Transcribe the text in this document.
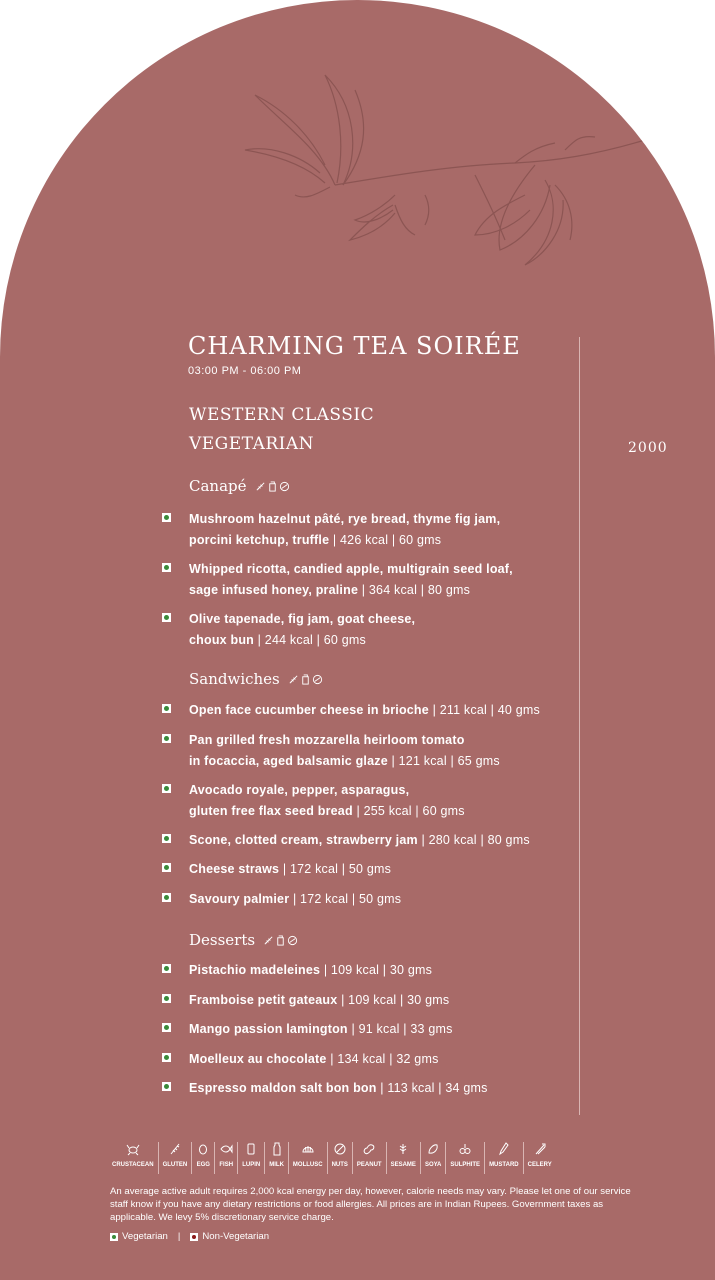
CHARMING TEA SOIRÉE
03:00 PM - 06:00 PM
WESTERN CLASSIC
VEGETARIAN	2000
Canapé
Mushroom hazelnut pâté, rye bread, thyme fig jam,
porcini ketchup, truffle | 426 kcal | 60 gms
Whipped ricotta, candied apple, multigrain seed loaf,
sage infused honey, praline | 364 kcal | 80 gms
Olive tapenade, fig jam, goat cheese,
choux bun | 244 kcal | 60 gms
Sandwiches
Open face cucumber cheese in brioche | 211 kcal | 40 gms
Pan grilled fresh mozzarella heirloom tomato
in focaccia, aged balsamic glaze | 121 kcal | 65 gms
Avocado royale, pepper, asparagus,
gluten free flax seed bread | 255 kcal | 60 gms
Scone, clotted cream, strawberry jam | 280 kcal | 80 gms
Cheese straws | 172 kcal | 50 gms
Savoury palmier | 172 kcal | 50 gms
Desserts
Pistachio madeleines | 109 kcal | 30 gms
Framboise petit gateaux | 109 kcal | 30 gms
Mango passion lamington | 91 kcal | 33 gms
Moelleux au chocolate | 134 kcal | 32 gms
Espresso maldon salt bon bon | 113 kcal | 34 gms
CRUSTACEAN GLUTEN EGG FISH LUPIN MILK MOLLUSC NUTS PEANUT SESAME SOYA SULPHITE MUSTARD CELERY
An average active adult requires 2,000 kcal energy per day, however, calorie needs may vary. Please let one of our service staff know if you have any dietary restrictions or food allergies. All prices are in Indian Rupees. Government taxes as applicable. We levy 5% discretionary service charge.
Vegetarian | Non-Vegetarian
